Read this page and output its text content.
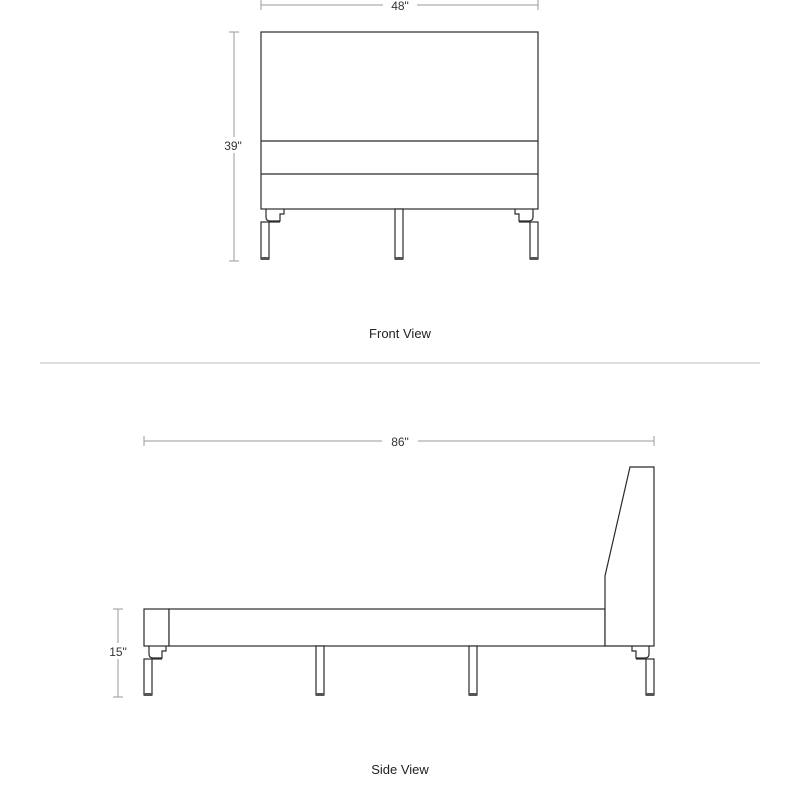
48"
39"
Front View
86"
15"
Side View
